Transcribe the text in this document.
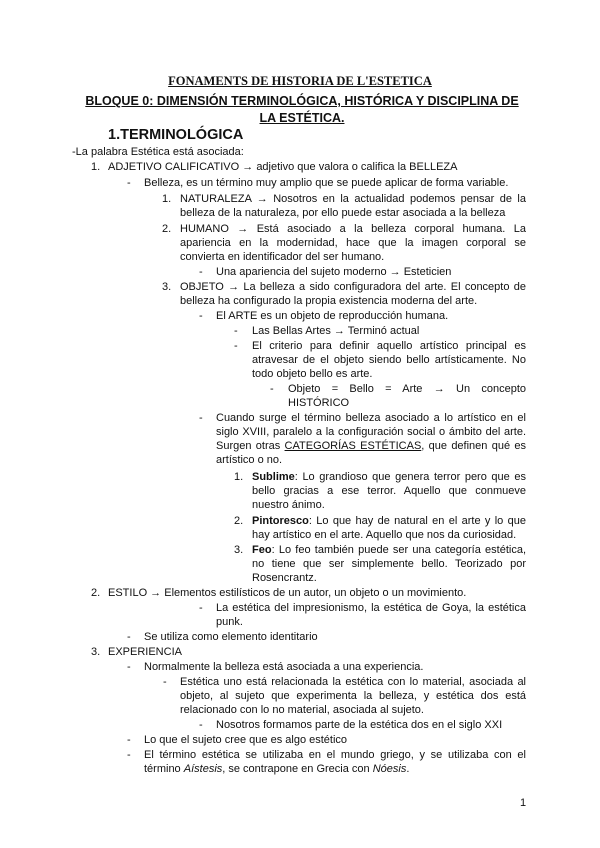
FONAMENTS DE HISTORIA DE L'ESTETICA
BLOQUE 0: DIMENSIÓN TERMINOLÓGICA, HISTÓRICA Y DISCIPLINA DE LA ESTÉTICA.
1.TERMINOLÓGICA
-La palabra Estética está asociada:
1. ADJETIVO CALIFICATIVO → adjetivo que valora o califica la BELLEZA
- Belleza, es un término muy amplio que se puede aplicar de forma variable.
1. NATURALEZA → Nosotros en la actualidad podemos pensar de la belleza de la naturaleza, por ello puede estar asociada a la belleza
2. HUMANO → Está asociado a la belleza corporal humana. La apariencia en la modernidad, hace que la imagen corporal se convierta en identificador del ser humano.
- Una apariencia del sujeto moderno → Esteticien
3. OBJETO → La belleza a sido configuradora del arte. El concepto de belleza ha configurado la propia existencia moderna del arte.
- El ARTE es un objeto de reproducción humana.
- Las Bellas Artes → Terminó actual
- El criterio para definir aquello artístico principal es atravesar de el objeto siendo bello artísticamente. No todo objeto bello es arte.
- Objeto = Bello = Arte → Un concepto HISTÓRICO
- Cuando surge el término belleza asociado a lo artístico en el siglo XVIII, paralelo a la configuración social o ámbito del arte. Surgen otras CATEGORÍAS ESTÉTICAS, que definen qué es artístico o no.
1. Sublime: Lo grandioso que genera terror pero que es bello gracias a ese terror. Aquello que conmueve nuestro ánimo.
2. Pintoresco: Lo que hay de natural en el arte y lo que hay artístico en el arte. Aquello que nos da curiosidad.
3. Feo: Lo feo también puede ser una categoría estética, no tiene que ser simplemente bello. Teorizado por Rosencrantz.
2. ESTILO → Elementos estilísticos de un autor, un objeto o un movimiento.
- La estética del impresionismo, la estética de Goya, la estética punk.
- Se utiliza como elemento identitario
3. EXPERIENCIA
- Normalmente la belleza está asociada a una experiencia.
- Estética uno está relacionada la estética con lo material, asociada al objeto, al sujeto que experimenta la belleza, y estética dos está relacionado con lo no material, asociada al sujeto.
- Nosotros formamos parte de la estética dos en el siglo XXI
- Lo que el sujeto cree que es algo estético
- El término estética se utilizaba en el mundo griego, y se utilizaba con el término Aístesis, se contrapone en Grecia con Nóesis.
1
